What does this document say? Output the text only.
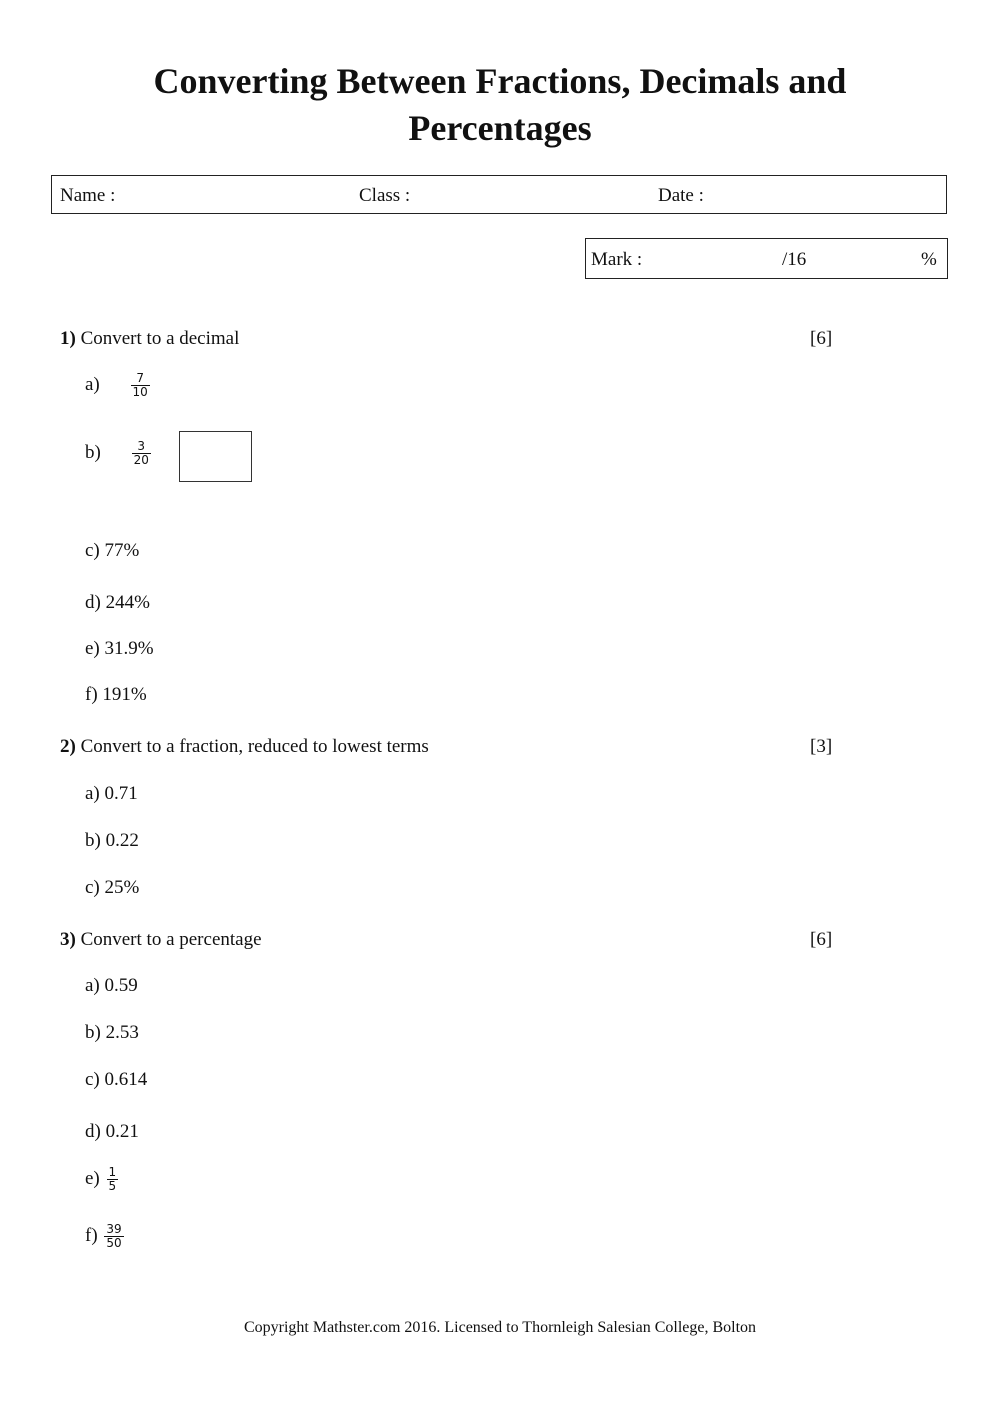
Converting Between Fractions, Decimals and Percentages
Name :	Class :	Date :
Mark :	/16	%
1) Convert to a decimal	[6]
a)	$\frac{7}{10}$
b)	$\frac{3}{20}$
c) 77%
d) 244%
e) 31.9%
f) 191%
2) Convert to a fraction, reduced to lowest terms	[3]
a) 0.71
b) 0.22
c) 25%
3) Convert to a percentage	[6]
a) 0.59
b) 2.53
c) 0.614
d) 0.21
$e) \frac{1}{5}$
$f) \frac{39}{50}$
Copyright Mathster.com 2016. Licensed to Thornleigh Salesian College, Bolton
